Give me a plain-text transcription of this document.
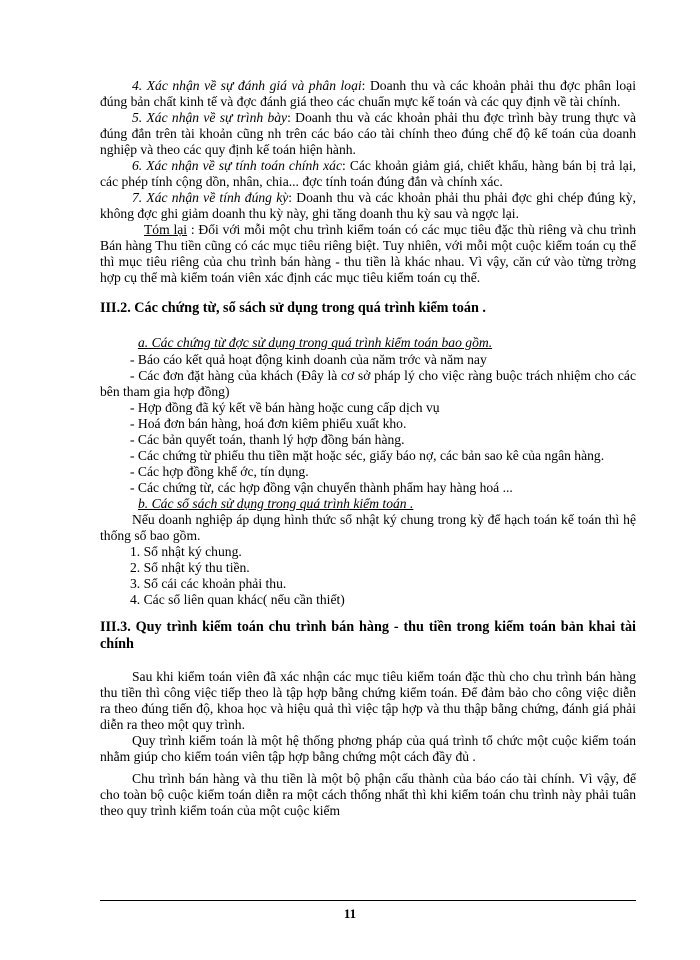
4. Xác nhận về sự đánh giá và phân loại: Doanh thu và các khoản phải thu đợc phân loại đúng bản chất kinh tế và đợc đánh giá theo các chuẩn mực kế toán và các quy định về tài chính.

5. Xác nhận về sự trình bày: Doanh thu và các khoản phải thu đợc trình bày trung thực và đúng đắn trên tài khoản cũng nh trên các báo cáo tài chính theo đúng chế độ kế toán của doanh nghiệp và theo các quy định kế toán hiện hành.

6. Xác nhận về sự tính toán chính xác: Các khoản giảm giá, chiết khấu, hàng bán bị trả lại, các phép tính cộng dồn, nhân, chia... đợc tính toán đúng đắn và chính xác.

7. Xác nhận về tính đúng kỳ: Doanh thu và các khoản phải thu phải đợc ghi chép đúng kỳ, không đợc ghi giảm doanh thu kỳ này, ghi tăng doanh thu kỳ sau và ngợc lại.

Tóm lại : Đối với mỗi một chu trình kiểm toán có các mục tiêu đặc thù riêng và chu trình Bán hàng Thu tiền cũng có các mục tiêu riêng biệt. Tuy nhiên, với mỗi một cuộc kiểm toán cụ thể thì mục tiêu riêng của chu trình bán hàng - thu tiền là khác nhau. Vì vậy, căn cứ vào từng trờng hợp cụ thể mà kiểm toán viên xác định các mục tiêu kiểm toán cụ thể.

III.2. Các chứng từ, sổ sách sử dụng trong quá trình kiểm toán .

a. Các chứng từ đợc sử dụng trong quá trình kiểm toán bao gồm.

- Báo cáo kết quả hoạt động kinh doanh của năm trớc và năm nay

- Các đơn đặt hàng của khách (Đây là cơ sở pháp lý cho việc ràng buộc trách nhiệm cho các bên tham gia hợp đồng)

- Hợp đồng đã ký kết về bán hàng hoặc cung cấp dịch vụ

- Hoá đơn bán hàng, hoá đơn kiêm phiếu xuất kho.

- Các bản quyết toán, thanh lý hợp đồng bán hàng.

- Các chứng từ phiếu thu tiền mặt hoặc séc, giấy báo nợ, các bản sao kê của ngân hàng.

- Các hợp đồng khế ớc, tín dụng.

- Các chứng từ, các hợp đồng vận chuyển thành phẩm hay hàng hoá ...

b. Các sổ sách sử dụng trong quá trình kiểm toán .

Nếu doanh nghiệp áp dụng hình thức sổ nhật ký chung trong kỳ để hạch toán kế toán thì hệ thống sổ bao gồm.

1. Sổ nhật ký chung.

2. Sổ nhật ký thu tiền.

3. Sổ cái các khoản phải thu.

4. Các sổ liên quan khác( nếu cần thiết)

III.3. Quy trình kiểm toán chu trình bán hàng - thu tiền trong kiểm toán bản khai tài chính

Sau khi kiểm toán viên đã xác nhận các mục tiêu kiểm toán đặc thù cho chu trình bán hàng thu tiền thì công việc tiếp theo là tập hợp bằng chứng kiểm toán. Để đảm bảo cho công việc diễn ra theo đúng tiến độ, khoa học và hiệu quả thì việc tập hợp và thu thập bằng chứng, đánh giá phải diễn ra theo một quy trình.

Quy trình kiểm toán là một hệ thống phơng pháp của quá trình tổ chức một cuộc kiểm toán nhằm giúp cho kiểm toán viên tập hợp bằng chứng một cách đầy đủ .

Chu trình bán hàng và thu tiền là một bộ phận cấu thành của báo cáo tài chính. Vì vậy, để cho toàn bộ cuộc kiểm toán diễn ra một cách thống nhất thì khi kiểm toán chu trình này phải tuân theo quy trình kiểm toán của một cuộc kiểm

11
